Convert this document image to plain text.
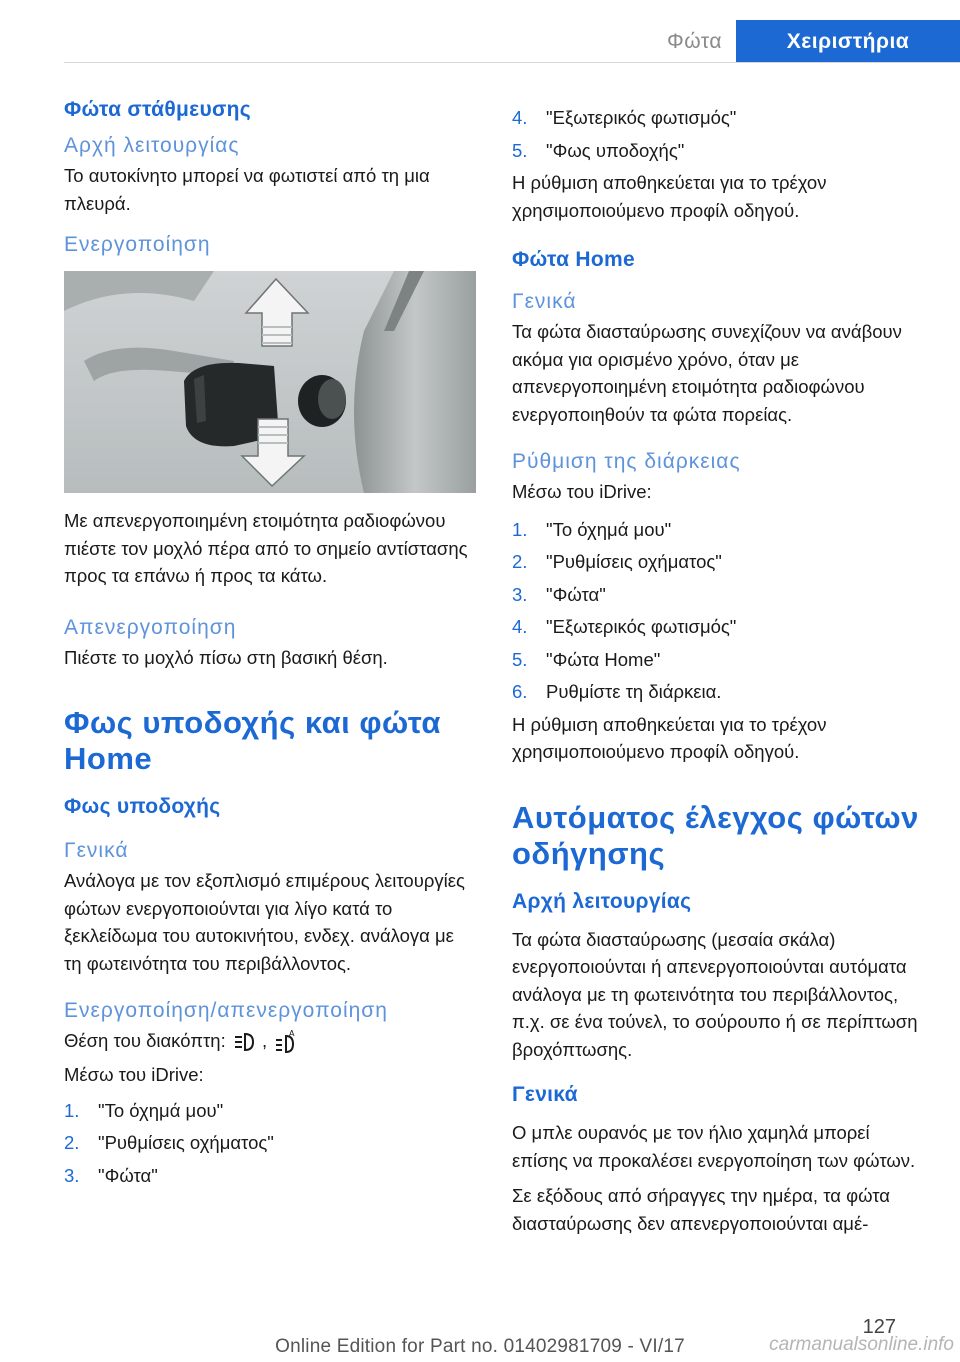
Φώτα	Χειριστήρια
Φώτα στάθμευσης
Αρχή λειτουργίας

Το αυτοκίνητο μπορεί να φωτιστεί από τη μια πλευρά.

Ενεργοποίηση

Με απενεργοποιημένη ετοιμότητα ραδιοφώνου πιέστε τον μοχλό πέρα από το σημείο αντίστασης προς τα επάνω ή προς τα κάτω.

Απενεργοποίηση

Πιέστε το μοχλό πίσω στη βασική θέση.

Φως υποδοχής και φώτα Home
Φως υποδοχής
Γενικά

Ανάλογα με τον εξοπλισμό επιμέρους λειτουργίες φώτων ενεργοποιούνται για λίγο κατά το ξεκλείδωμα του αυτοκινήτου, ενδεχ. ανάλογα με τη φωτεινότητα του περιβάλλοντος.

Ενεργοποίηση/απενεργοποίηση

Θέση του διακόπτη: ,	A

Μέσω του iDrive:

1. "Το όχημά μου"
2. "Ρυθμίσεις οχήματος"
3. "Φώτα"
4. "Εξωτερικός φωτισμός"
5. "Φως υποδοχής"

Η ρύθμιση αποθηκεύεται για το τρέχον χρησιμοποιούμενο προφίλ οδηγού.

Φώτα Home
Γενικά

Τα φώτα διασταύρωσης συνεχίζουν να ανάβουν ακόμα για ορισμένο χρόνο, όταν με απενεργοποιημένη ετοιμότητα ραδιοφώνου ενεργοποιηθούν τα φώτα πορείας.

Ρύθμιση της διάρκειας

Μέσω του iDrive:

1. "Το όχημά μου"
2. "Ρυθμίσεις οχήματος"
3. "Φώτα"
4. "Εξωτερικός φωτισμός"
5. "Φώτα Home"
6. Ρυθμίστε τη διάρκεια.

Η ρύθμιση αποθηκεύεται για το τρέχον χρησιμοποιούμενο προφίλ οδηγού.

Αυτόματος έλεγχος φώτων οδήγησης
Αρχή λειτουργίας

Τα φώτα διασταύρωσης (μεσαία σκάλα) ενεργοποιούνται ή απενεργοποιούνται αυτόματα ανάλογα με τη φωτεινότητα του περιβάλλοντος, π.χ. σε ένα τούνελ, το σούρουπο ή σε περίπτωση βροχόπτωσης.

Γενικά

Ο μπλε ουρανός με τον ήλιο χαμηλά μπορεί επίσης να προκαλέσει ενεργοποίηση των φώτων.

Σε εξόδους από σήραγγες την ημέρα, τα φώτα διασταύρωσης δεν απενεργοποιούνται αμέ-

127
Online Edition for Part no. 01402981709 - VI/17	carmanualsonline.info
